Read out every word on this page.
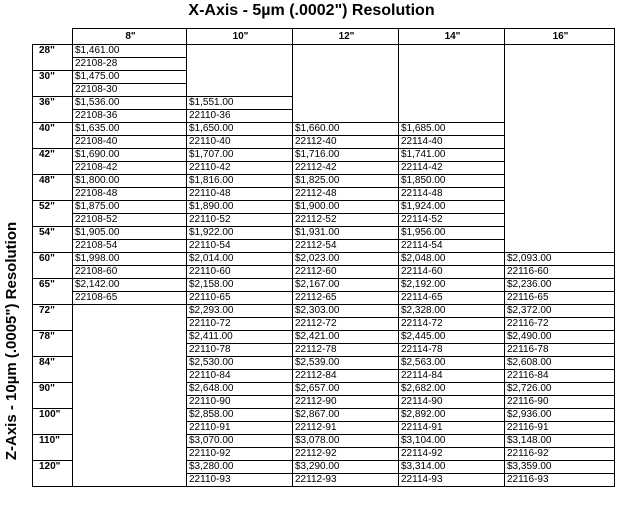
X-Axis - 5µm (.0002") Resolution
Z-Axis - 10µm (.0005") Resolution
	8"	10"	12"	14"	16"
28"	$1,461.00				
	22108-28				
30"	$1,475.00				
	22108-30				
36"	$1,536.00	$1,551.00			
	22108-36	22110-36			
40"	$1,635.00	$1,650.00	$1,660.00	$1,685.00	
	22108-40	22110-40	22112-40	22114-40	
42"	$1,690.00	$1,707.00	$1,716.00	$1,741.00	
	22108-42	22110-42	22112-42	22114-42	
48"	$1,800.00	$1,816.00	$1,825.00	$1,850.00	
	22108-48	22110-48	22112-48	22114-48	
52"	$1,875.00	$1,890.00	$1,900.00	$1,924.00	
	22108-52	22110-52	22112-52	22114-52	
54"	$1,905.00	$1,922.00	$1,931.00	$1,956.00	
	22108-54	22110-54	22112-54	22114-54	
60"	$1,998.00	$2,014.00	$2,023.00	$2,048.00	$2,093.00
	22108-60	22110-60	22112-60	22114-60	22116-60
65"	$2,142.00	$2,158.00	$2,167.00	$2,192.00	$2,236.00
	22108-65	22110-65	22112-65	22114-65	22116-65
72"		$2,293.00	$2,303.00	$2,328.00	$2,372.00
		22110-72	22112-72	22114-72	22116-72
78"		$2,411.00	$2,421.00	$2,445.00	$2,490.00
		22110-78	22112-78	22114-78	22116-78
84"		$2,530.00	$2,539.00	$2,563.00	$2,608.00
		22110-84	22112-84	22114-84	22116-84
90"		$2,648.00	$2,657.00	$2,682.00	$2,726.00
		22110-90	22112-90	22114-90	22116-90
100"		$2,858.00	$2,867.00	$2,892.00	$2,936.00
		22110-91	22112-91	22114-91	22116-91
110"		$3,070.00	$3,078.00	$3,104.00	$3,148.00
		22110-92	22112-92	22114-92	22116-92
120"		$3,280.00	$3,290.00	$3,314.00	$3,359.00
		22110-93	22112-93	22114-93	22116-93
